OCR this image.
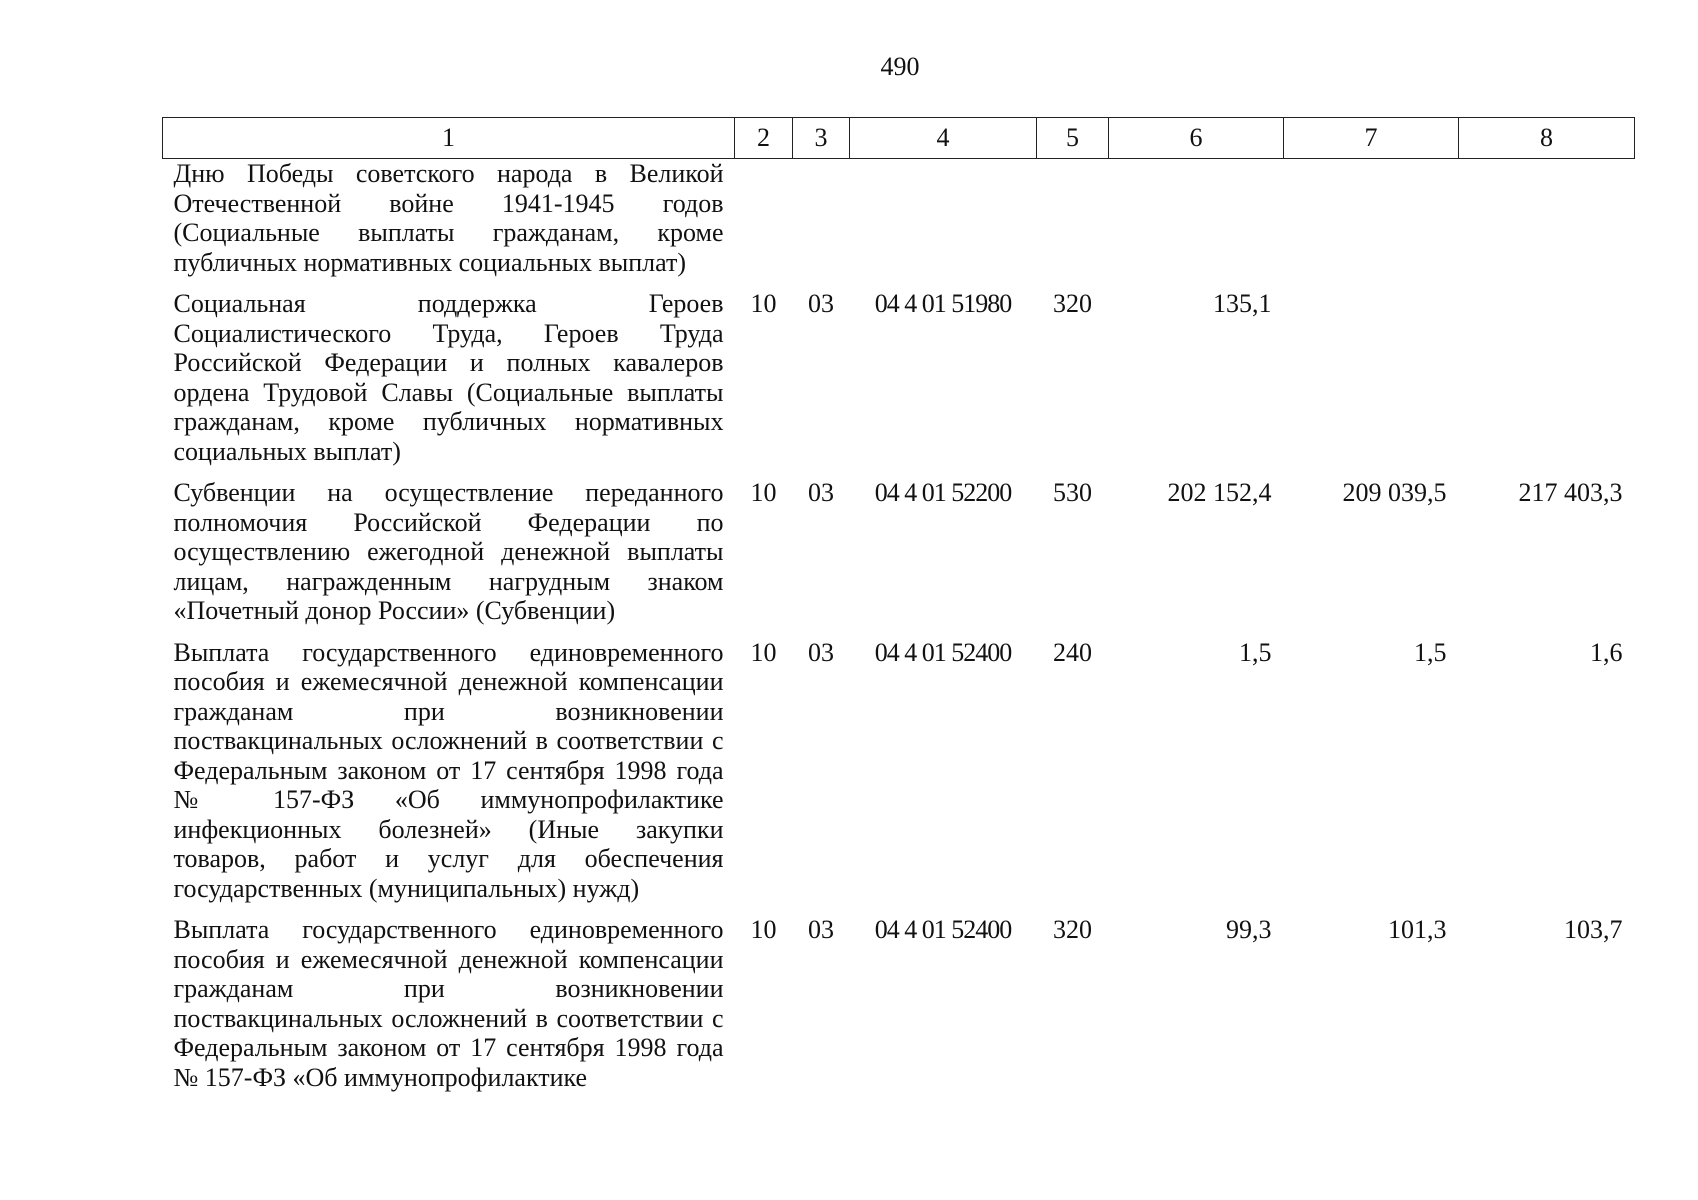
490
1	2	3	4	5	6	7	8
Дню Победы советского народа в Великой Отечественной войне 1941-1945 годов (Социальные выплаты гражданам, кроме публичных нормативных социальных выплат)							
Социальная поддержка Героев Социалистического Труда, Героев Труда Российской Федерации и полных кавалеров ордена Трудовой Славы (Социальные выплаты гражданам, кроме публичных нормативных социальных выплат)	10	03	04 4 01 51980	320	135,1		
Субвенции на осуществление переданного полномочия Российской Федерации по осуществлению ежегодной денежной выплаты лицам, награжденным нагрудным знаком «Почетный донор России» (Субвенции)	10	03	04 4 01 52200	530	202 152,4	209 039,5	217 403,3
Выплата государственного единовременного пособия и ежемесячной денежной компенсации гражданам при возникновении поствакцинальных осложнений в соответствии с Федеральным законом от 17 сентября 1998 года № 157-ФЗ «Об иммунопрофилактике инфекционных болезней» (Иные закупки товаров, работ и услуг для обеспечения государственных (муниципальных) нужд)	10	03	04 4 01 52400	240	1,5	1,5	1,6
Выплата государственного единовременного пособия и ежемесячной денежной компенсации гражданам при возникновении поствакцинальных осложнений в соответствии с Федеральным законом от 17 сентября 1998 года № 157-ФЗ «Об иммунопрофилактике	10	03	04 4 01 52400	320	99,3	101,3	103,7
